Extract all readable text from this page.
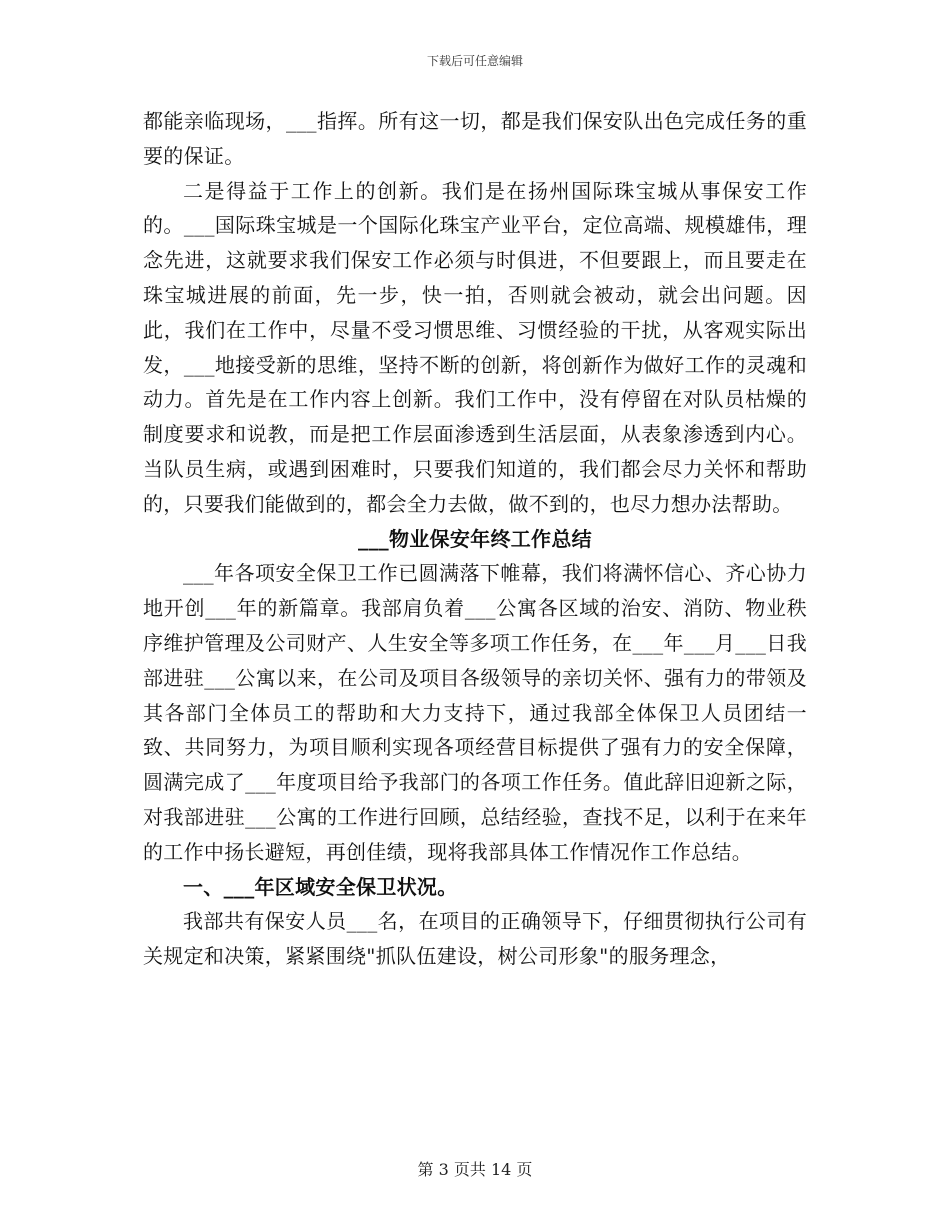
下载后可任意编辑

都能亲临现场，___指挥。所有这一切，都是我们保安队出色完成任务的重要的保证。

二是得益于工作上的创新。我们是在扬州国际珠宝城从事保安工作的。___国际珠宝城是一个国际化珠宝产业平台，定位高端、规模雄伟，理念先进，这就要求我们保安工作必须与时俱进，不但要跟上，而且要走在珠宝城进展的前面，先一步，快一拍，否则就会被动，就会出问题。因此，我们在工作中，尽量不受习惯思维、习惯经验的干扰，从客观实际出发，___地接受新的思维，坚持不断的创新，将创新作为做好工作的灵魂和动力。首先是在工作内容上创新。我们工作中，没有停留在对队员枯燥的制度要求和说教，而是把工作层面渗透到生活层面，从表象渗透到内心。当队员生病，或遇到困难时，只要我们知道的，我们都会尽力关怀和帮助的，只要我们能做到的，都会全力去做，做不到的，也尽力想办法帮助。

___物业保安年终工作总结

___年各项安全保卫工作已圆满落下帷幕，我们将满怀信心、齐心协力地开创___年的新篇章。我部肩负着___公寓各区域的治安、消防、物业秩序维护管理及公司财产、人生安全等多项工作任务，在___年___月___日我部进驻___公寓以来，在公司及项目各级领导的亲切关怀、强有力的带领及其各部门全体员工的帮助和大力支持下，通过我部全体保卫人员团结一致、共同努力，为项目顺利实现各项经营目标提供了强有力的安全保障，圆满完成了___年度项目给予我部门的各项工作任务。值此辞旧迎新之际，对我部进驻___公寓的工作进行回顾，总结经验，查找不足，以利于在来年的工作中扬长避短，再创佳绩，现将我部具体工作情况作工作总结。

一、___年区域安全保卫状况。

我部共有保安人员___名，在项目的正确领导下，仔细贯彻执行公司有关规定和决策，紧紧围绕"抓队伍建设，树公司形象"的服务理念，

第 3 页共 14 页
